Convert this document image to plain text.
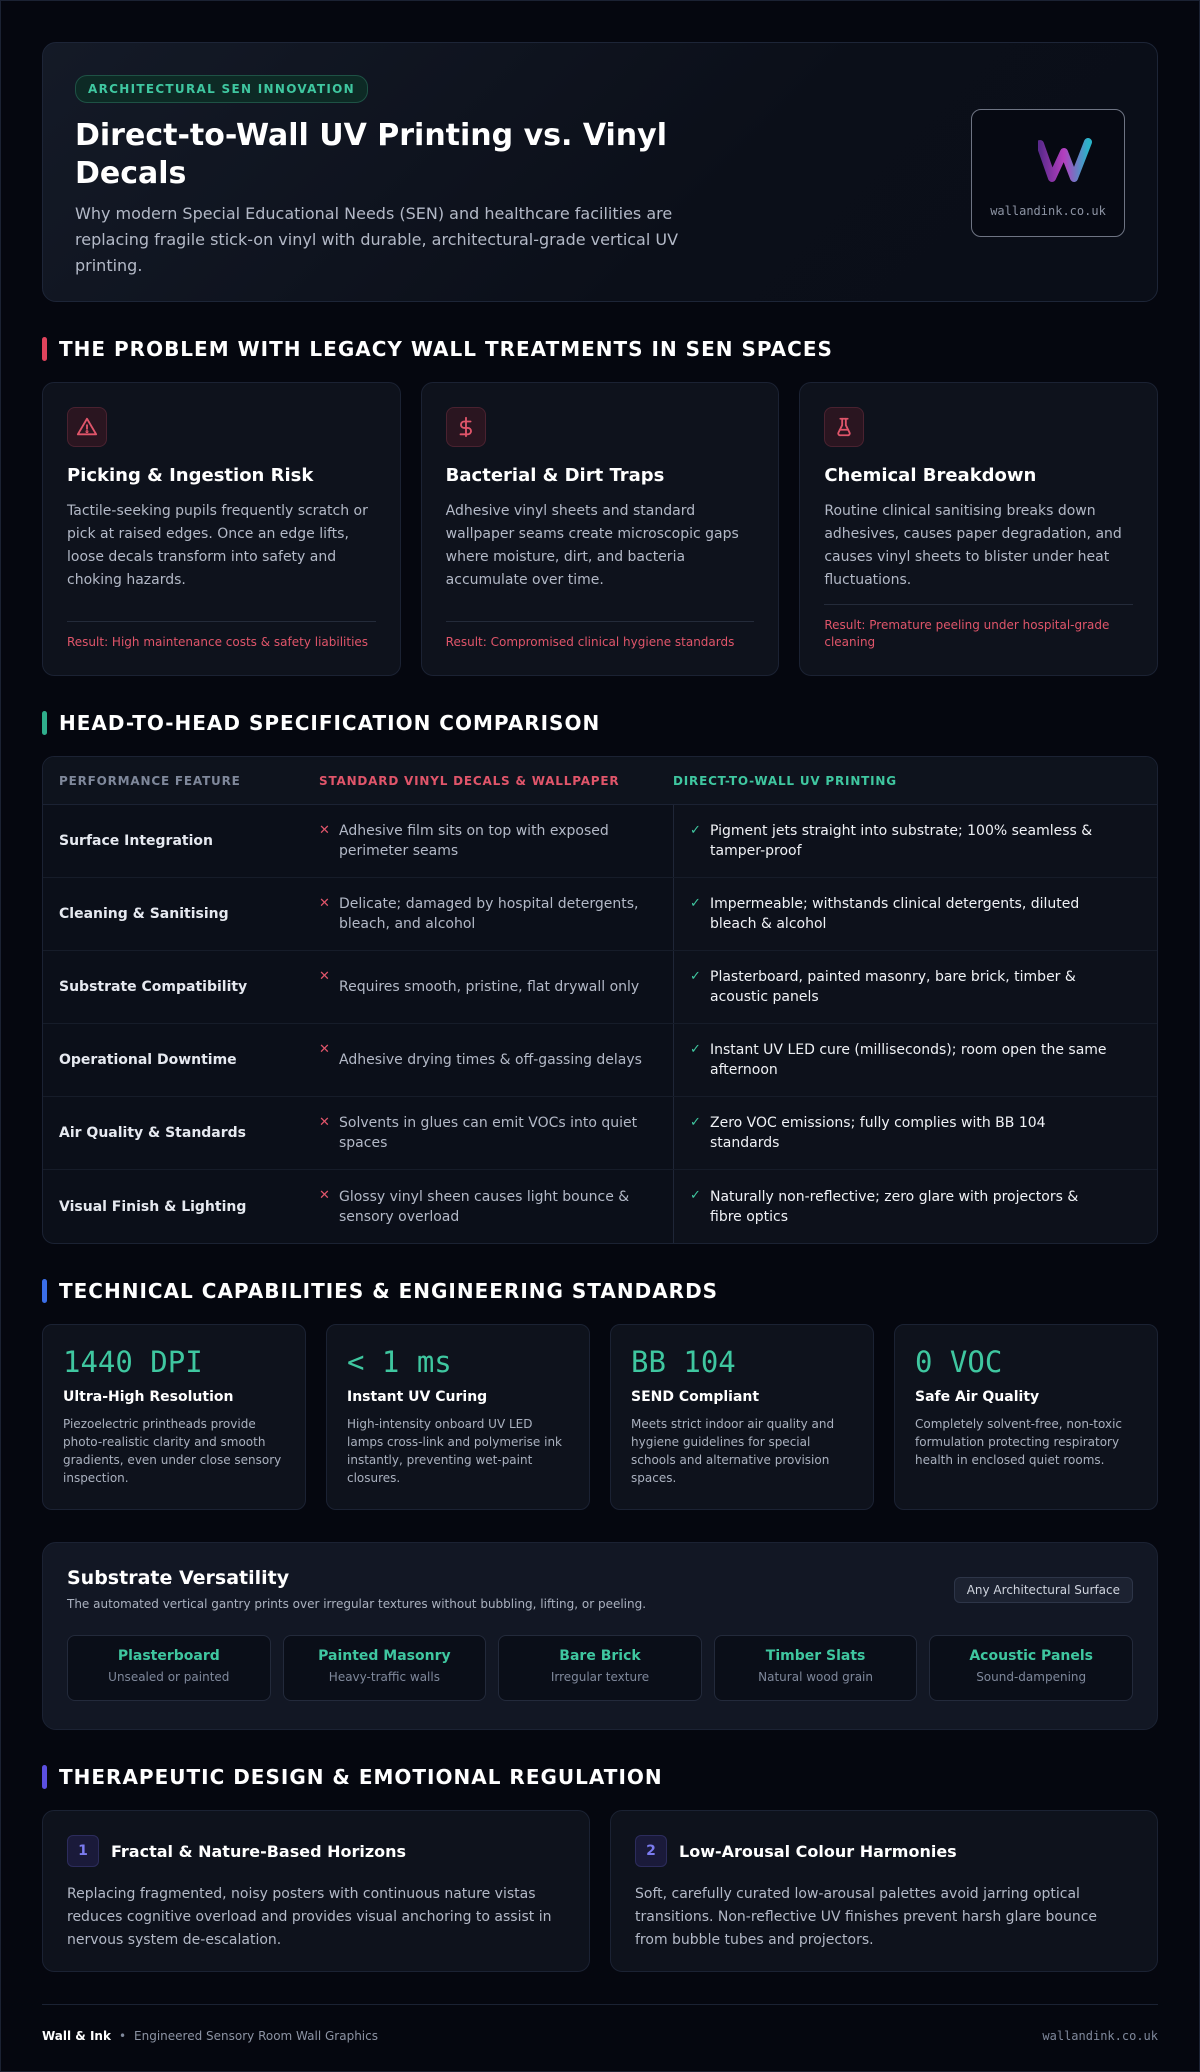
ARCHITECTURAL SEN INNOVATION
Direct-to-Wall UV Printing vs. Vinyl Decals

Why modern Special Educational Needs (SEN) and healthcare facilities are replacing fragile stick-on vinyl with durable, architectural-grade vertical UV printing.

wallandink.co.uk
THE PROBLEM WITH LEGACY WALL TREATMENTS IN SEN SPACES
Picking & Ingestion Risk

Tactile-seeking pupils frequently scratch or pick at raised edges. Once an edge lifts, loose decals transform into safety and choking hazards.

Result: High maintenance costs & safety liabilities
Bacterial & Dirt Traps

Adhesive vinyl sheets and standard wallpaper seams create microscopic gaps where moisture, dirt, and bacteria accumulate over time.

Result: Compromised clinical hygiene standards
Chemical Breakdown

Routine clinical sanitising breaks down adhesives, causes paper degradation, and causes vinyl sheets to blister under heat fluctuations.

Result: Premature peeling under hospital-grade cleaning
HEAD-TO-HEAD SPECIFICATION COMPARISON
PERFORMANCE FEATURE	STANDARD VINYL DECALS & WALLPAPER	DIRECT-TO-WALL UV PRINTING
Surface Integration
✕ Adhesive film sits on top with exposed perimeter seams
✓ Pigment jets straight into substrate; 100% seamless & tamper-proof
Cleaning & Sanitising
✕ Delicate; damaged by hospital detergents, bleach, and alcohol
✓ Impermeable; withstands clinical detergents, diluted bleach & alcohol
Substrate Compatibility
✕
Requires smooth, pristine, flat drywall only
✓ Plasterboard, painted masonry, bare brick, timber & acoustic panels
Operational Downtime
✕
Adhesive drying times & off-gassing delays
✓ Instant UV LED cure (milliseconds); room open the same afternoon
Air Quality & Standards
✕ Solvents in glues can emit VOCs into quiet spaces
✓ Zero VOC emissions; fully complies with BB 104 standards
Visual Finish & Lighting
✕ Glossy vinyl sheen causes light bounce & sensory overload
✓ Naturally non-reflective; zero glare with projectors & fibre optics
TECHNICAL CAPABILITIES & ENGINEERING STANDARDS
1440 DPI
Ultra-High Resolution
Piezoelectric printheads provide photo-realistic clarity and smooth gradients, even under close sensory inspection.
< 1 ms
Instant UV Curing
High-intensity onboard UV LED lamps cross-link and polymerise ink instantly, preventing wet-paint closures.
BB 104
SEND Compliant
Meets strict indoor air quality and hygiene guidelines for special schools and alternative provision spaces.
0 VOC
Safe Air Quality
Completely solvent-free, non-toxic formulation protecting respiratory health in enclosed quiet rooms.
Substrate Versatility

The automated vertical gantry prints over irregular textures without bubbling, lifting, or peeling.

Any Architectural Surface
Plasterboard
Unsealed or painted
Painted Masonry
Heavy-traffic walls
Bare Brick
Irregular texture
Timber Slats
Natural wood grain
Acoustic Panels
Sound-dampening
THERAPEUTIC DESIGN & EMOTIONAL REGULATION
1	Fractal & Nature-Based Horizons

Replacing fragmented, noisy posters with continuous nature vistas reduces cognitive overload and provides visual anchoring to assist in nervous system de-escalation.

2	Low-Arousal Colour Harmonies

Soft, carefully curated low-arousal palettes avoid jarring optical transitions. Non-reflective UV finishes prevent harsh glare bounce from bubble tubes and projectors.

Wall & Ink • Engineered Sensory Room Wall Graphics	wallandink.co.uk
